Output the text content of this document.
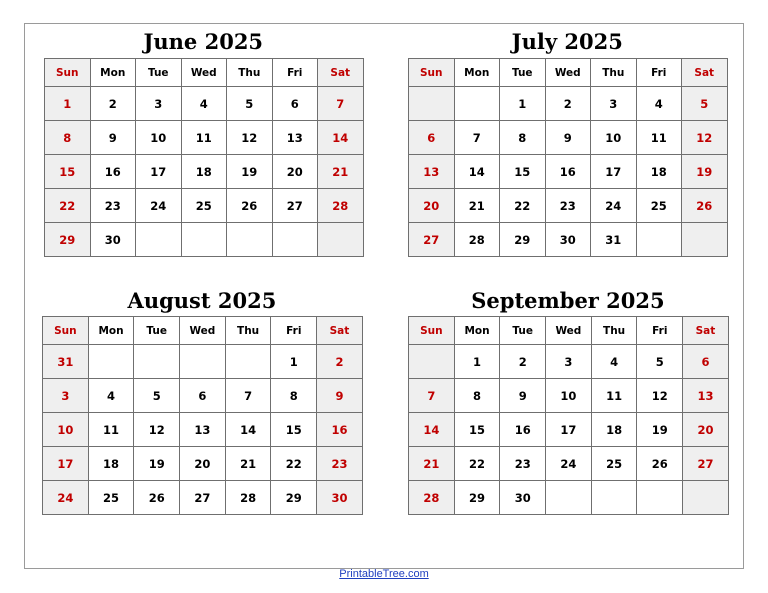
June 2025
Sun	Mon	Tue	Wed	Thu	Fri	Sat
1	2	3	4	5	6	7
8	9	10	11	12	13	14
15	16	17	18	19	20	21
22	23	24	25	26	27	28
29	30					
July 2025
Sun	Mon	Tue	Wed	Thu	Fri	Sat
		1	2	3	4	5
6	7	8	9	10	11	12
13	14	15	16	17	18	19
20	21	22	23	24	25	26
27	28	29	30	31		
August 2025
Sun	Mon	Tue	Wed	Thu	Fri	Sat
31					1	2
3	4	5	6	7	8	9
10	11	12	13	14	15	16
17	18	19	20	21	22	23
24	25	26	27	28	29	30
September 2025
Sun	Mon	Tue	Wed	Thu	Fri	Sat
	1	2	3	4	5	6
7	8	9	10	11	12	13
14	15	16	17	18	19	20
21	22	23	24	25	26	27
28	29	30				
PrintableTree.com
